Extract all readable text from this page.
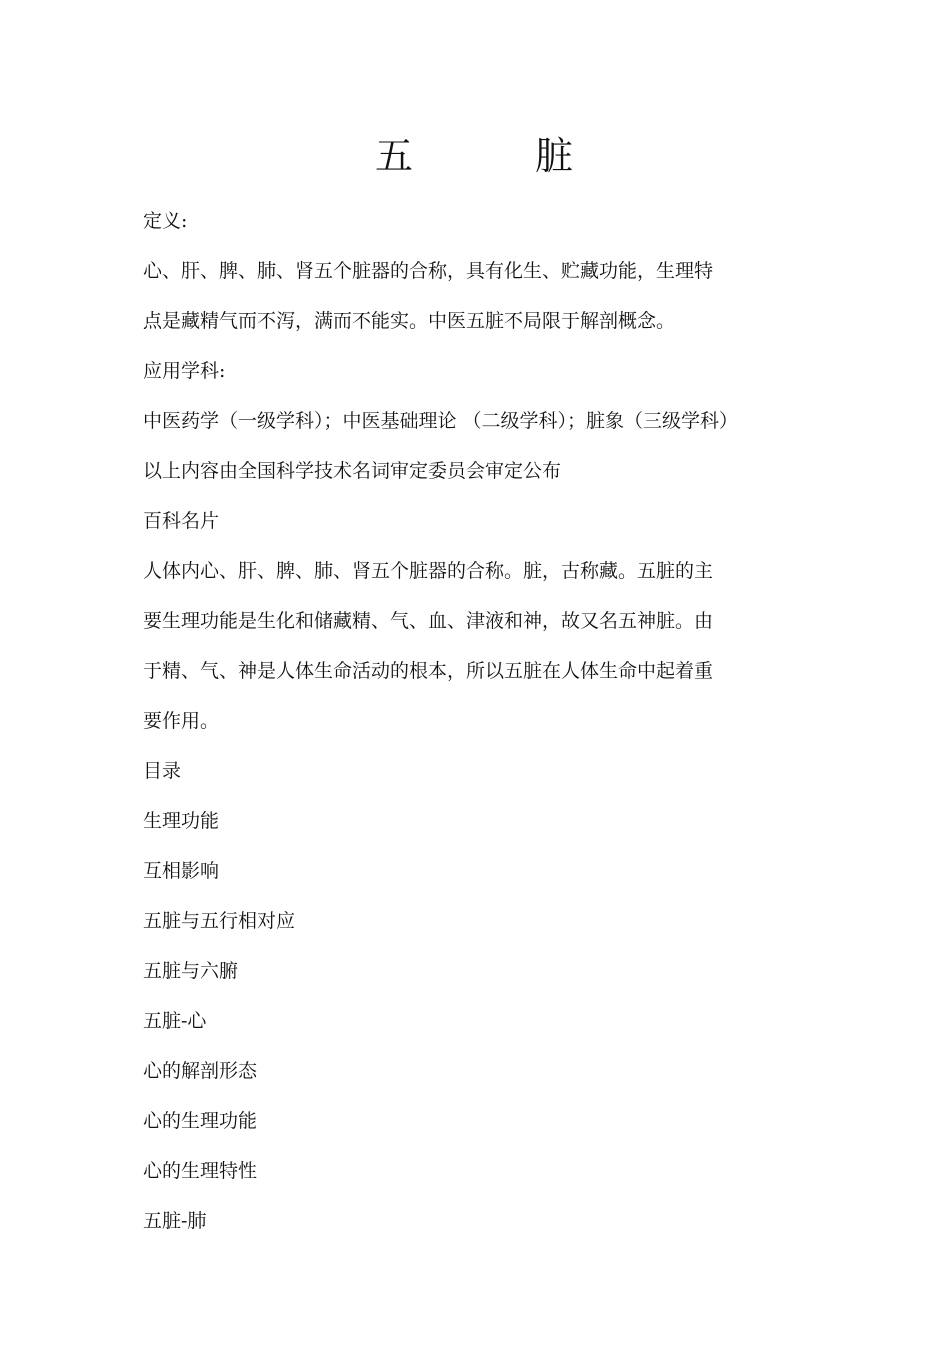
五　　　脏

定义:

心、肝、脾、肺、肾五个脏器的合称，具有化生、贮藏功能，生理特

点是藏精气而不泻，满而不能实。中医五脏不局限于解剖概念。

应用学科:

中医药学（一级学科）；中医基础理论 （二级学科）；脏象（三级学科）

以上内容由全国科学技术名词审定委员会审定公布

百科名片

人体内心、肝、脾、肺、肾五个脏器的合称。脏，古称藏。五脏的主

要生理功能是生化和储藏精、气、血、津液和神，故又名五神脏。由

于精、气、神是人体生命活动的根本，所以五脏在人体生命中起着重

要作用。

目录

生理功能

互相影响

五脏与五行相对应

五脏与六腑

五脏-心

心的解剖形态

心的生理功能

心的生理特性

五脏-肺
